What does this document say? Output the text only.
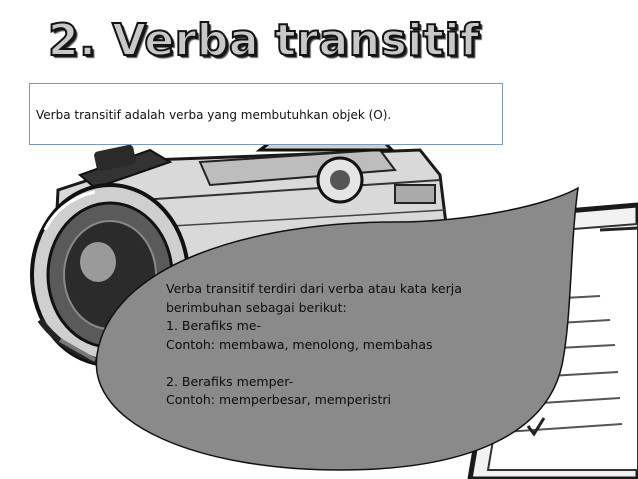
2. Verba transitif
Verba transitif adalah verba yang membutuhkan objek (O).
Verba transitif terdiri dari verba atau kata kerja
berimbuhan sebagai berikut:
1. Berafiks me-
Contoh: membawa, menolong, membahas
2. Berafiks memper-
Contoh: memperbesar, memperistri
